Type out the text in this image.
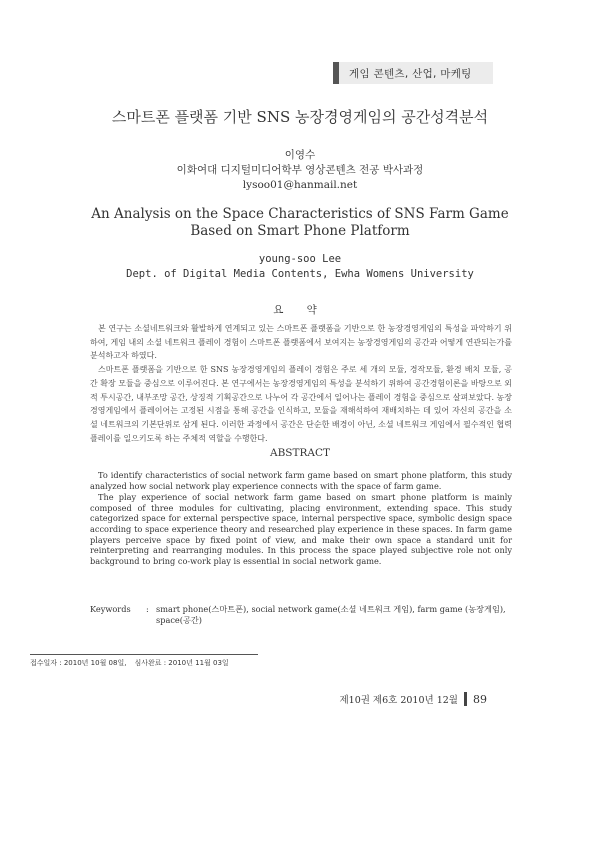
게임 콘텐츠, 산업, 마케팅
스마트폰 플랫폼 기반 SNS 농장경영게임의 공간성격분석
이영수
이화여대 디지털미디어학부 영상콘텐츠 전공 박사과정
lysoo01@hanmail.net
An Analysis on the Space Characteristics of SNS Farm Game
Based on Smart Phone Platform
young-soo Lee
Dept. of Digital Media Contents, Ewha Womens University
요 약

본 연구는 소셜네트워크와 활발하게 연계되고 있는 스마트폰 플랫폼을 기반으로 한 농장경영게임의 특성을 파악하기 위하여, 게임 내의 소셜 네트워크 플레이 경험이 스마트폰 플랫폼에서 보여지는 농장경영게임의 공간과 어떻게 연관되는가를 분석하고자 하였다.

스마트폰 플랫폼을 기반으로 한 SNS 농장경영게임의 플레이 경험은 주로 세 개의 모듈, 경작모듈, 환경 배치 모듈, 공간 확장 모듈을 중심으로 이루어진다. 본 연구에서는 농장경영게임의 특성을 분석하기 위하여 공간경험이론을 바탕으로 외적 투시공간, 내부조망 공간, 상징적 기획공간으로 나누어 각 공간에서 일어나는 플레이 경험을 중심으로 살펴보았다. 농장경영게임에서 플레이어는 고정된 시점을 통해 공간을 인식하고, 모듈을 재해석하여 재배치하는 데 있어 자신의 공간을 소셜 네트워크의 기본단위로 삼게 된다. 이러한 과정에서 공간은 단순한 배경이 아닌, 소셜 네트워크 게임에서 필수적인 협력 플레이를 일으키도록 하는 주체적 역할을 수행한다.

ABSTRACT

To identify characteristics of social network farm game based on smart phone platform, this study analyzed how social network play experience connects with the space of farm game.

The play experience of social network farm game based on smart phone platform is mainly composed of three modules for cultivating, placing environment, extending space. This study categorized space for external perspective space, internal perspective space, symbolic design space according to space experience theory and researched play experience in these spaces. In farm game players perceive space by fixed point of view, and make their own space a standard unit for reinterpreting and rearranging modules. In this process the space played subjective role not only background to bring co-work play is essential in social network game.

Keywords	: smart phone(스마트폰), social network game(소셜 네트워크 게임), farm game (농장게임), space(공간)
접수일자 : 2010년 10월 08일, 심사완료 : 2010년 11월 03일
제10권 제6호 2010년 12월 89
